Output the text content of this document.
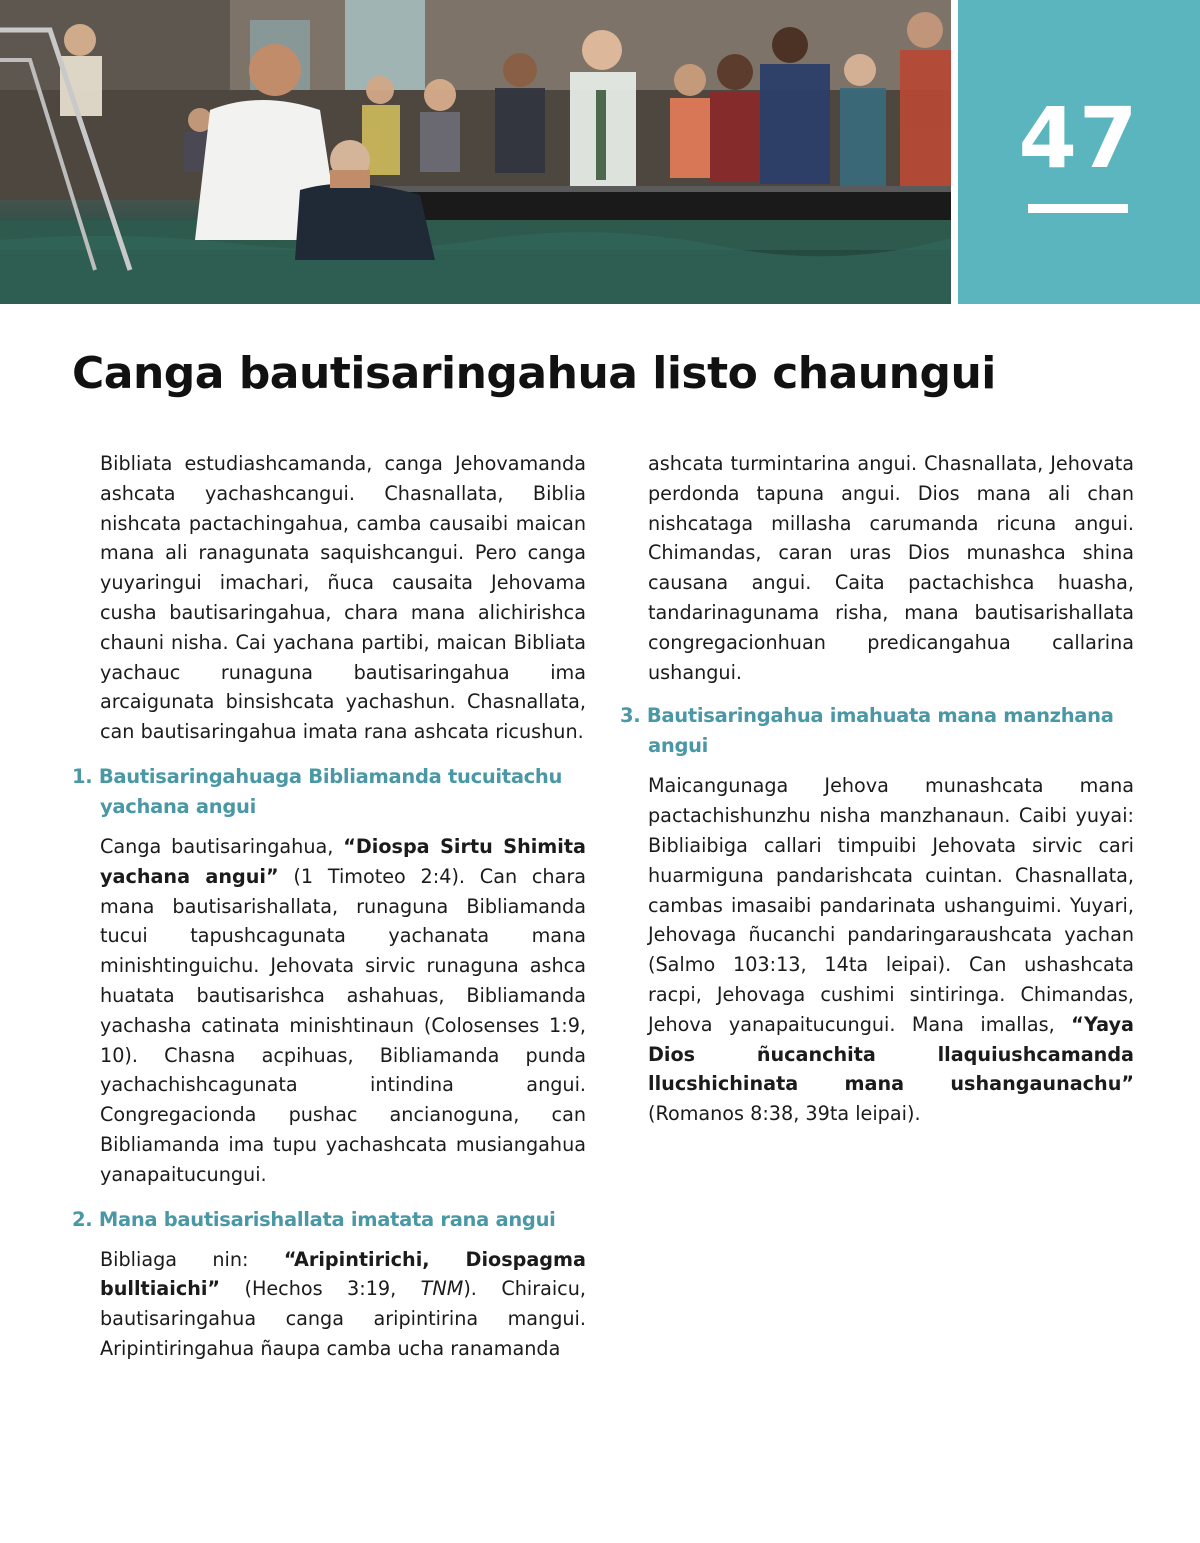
47
Canga bautisaringahua listo chaungui

Bibliata estudiashcamanda, canga Jehovamanda ashcata yachashcangui. Chasnallata, Biblia nishcata pactachingahua, camba causaibi maican mana ali ranagunata saquishcangui. Pero canga yuyaringui imachari, ñuca causaita Jehovama cusha bautisaringahua, chara mana alichirishca chauni nisha. Cai yachana partibi, maican Bibliata yachauc runaguna bautisaringahua ima arcaigunata binsishcata yachashun. Chasnallata, can bautisaringahua imata rana ashcata ricushun.

1. Bautisaringahuaga Bibliamanda tucuitachu yachana angui

Canga bautisaringahua, “Diospa Sirtu Shimita yachana angui” (1 Timoteo 2:4). Can chara mana bautisarishallata, runaguna Bibliamanda tucui tapushcagunata yachanata mana minishtinguichu. Jehovata sirvic runaguna ashca huatata bautisarishca ashahuas, Bibliamanda yachasha catinata minishtinaun (Colosenses 1:9, 10). Chasna acpihuas, Bibliamanda punda yachachishcagunata intindina angui. Congregacionda pushac ancianoguna, can Bibliamanda ima tupu yachashcata musiangahua yanapaitucungui.

2. Mana bautisarishallata imatata rana angui

Bibliaga nin: “Aripintirichi, Diospagma bulltiaichi” (Hechos 3:19, TNM). Chiraicu, bautisaringahua canga aripintirina mangui. Aripintiringahua ñaupa camba ucha ranamanda

ashcata turmintarina angui. Chasnallata, Jehovata perdonda tapuna angui. Dios mana ali chan nishcataga millasha carumanda ricuna angui. Chimandas, caran uras Dios munashca shina causana angui. Caita pactachishca huasha, tandarinagunama risha, mana bautisarishallata congregacionhuan predicangahua callarina ushangui.

3. Bautisaringahua imahuata mana manzhana angui

Maicangunaga Jehova munashcata mana pactachishunzhu nisha manzhanaun. Caibi yuyai: Bibliaibiga callari timpuibi Jehovata sirvic cari huarmiguna pandarishcata cuintan. Chasnallata, cambas imasaibi pandarinata ushanguimi. Yuyari, Jehovaga ñucanchi pandaringaraushcata yachan (Salmo 103:13, 14ta leipai). Can ushashcata racpi, Jehovaga cushimi sintiringa. Chimandas, Jehova yanapaitucungui. Mana imallas, “Yaya Dios ñucanchita llaquiushcamanda llucshichinata mana ushangaunachu” (Romanos 8:38, 39ta leipai).
